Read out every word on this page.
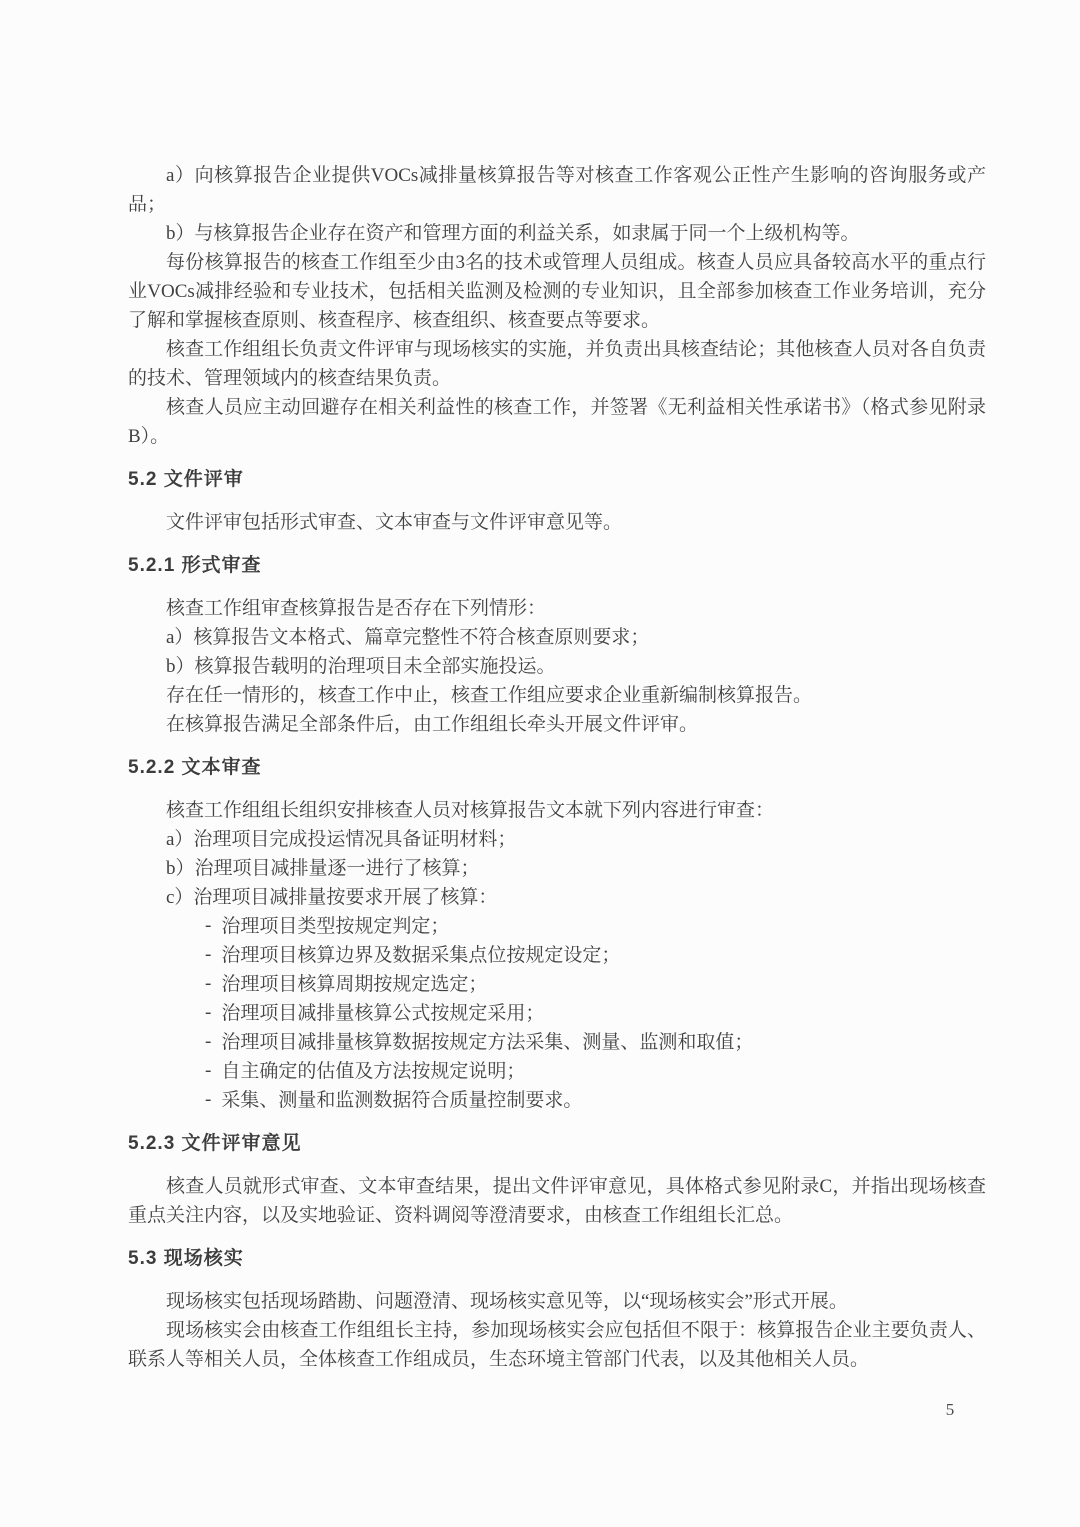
a）向核算报告企业提供VOCs减排量核算报告等对核查工作客观公正性产生影响的咨询服务或产品；
b）与核算报告企业存在资产和管理方面的利益关系，如隶属于同一个上级机构等。
每份核算报告的核查工作组至少由3名的技术或管理人员组成。核查人员应具备较高水平的重点行业VOCs减排经验和专业技术，包括相关监测及检测的专业知识，且全部参加核查工作业务培训，充分了解和掌握核查原则、核查程序、核查组织、核查要点等要求。
核查工作组组长负责文件评审与现场核实的实施，并负责出具核查结论；其他核查人员对各自负责的技术、管理领域内的核查结果负责。
核查人员应主动回避存在相关利益性的核查工作，并签署《无利益相关性承诺书》（格式参见附录B）。
5.2 文件评审
文件评审包括形式审查、文本审查与文件评审意见等。
5.2.1 形式审查
核查工作组审查核算报告是否存在下列情形：
a）核算报告文本格式、篇章完整性不符合核查原则要求；
b）核算报告载明的治理项目未全部实施投运。
存在任一情形的，核查工作中止，核查工作组应要求企业重新编制核算报告。
在核算报告满足全部条件后，由工作组组长牵头开展文件评审。
5.2.2 文本审查
核查工作组组长组织安排核查人员对核算报告文本就下列内容进行审查：
a）治理项目完成投运情况具备证明材料；
b）治理项目减排量逐一进行了核算；
c）治理项目减排量按要求开展了核算：
- 治理项目类型按规定判定；
- 治理项目核算边界及数据采集点位按规定设定；
- 治理项目核算周期按规定选定；
- 治理项目减排量核算公式按规定采用；
- 治理项目减排量核算数据按规定方法采集、测量、监测和取值；
- 自主确定的估值及方法按规定说明；
- 采集、测量和监测数据符合质量控制要求。
5.2.3 文件评审意见
核查人员就形式审查、文本审查结果，提出文件评审意见，具体格式参见附录C，并指出现场核查重点关注内容，以及实地验证、资料调阅等澄清要求，由核查工作组组长汇总。
5.3 现场核实
现场核实包括现场踏勘、问题澄清、现场核实意见等，以“现场核实会”形式开展。
现场核实会由核查工作组组长主持，参加现场核实会应包括但不限于：核算报告企业主要负责人、联系人等相关人员，全体核查工作组成员，生态环境主管部门代表，以及其他相关人员。
5
